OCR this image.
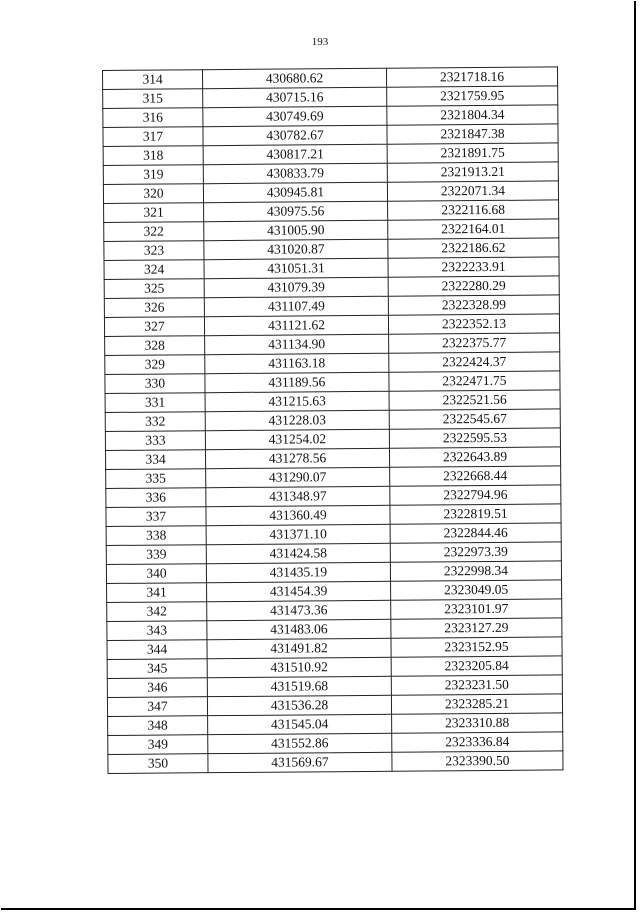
193
314	430680.62	2321718.16
315	430715.16	2321759.95
316	430749.69	2321804.34
317	430782.67	2321847.38
318	430817.21	2321891.75
319	430833.79	2321913.21
320	430945.81	2322071.34
321	430975.56	2322116.68
322	431005.90	2322164.01
323	431020.87	2322186.62
324	431051.31	2322233.91
325	431079.39	2322280.29
326	431107.49	2322328.99
327	431121.62	2322352.13
328	431134.90	2322375.77
329	431163.18	2322424.37
330	431189.56	2322471.75
331	431215.63	2322521.56
332	431228.03	2322545.67
333	431254.02	2322595.53
334	431278.56	2322643.89
335	431290.07	2322668.44
336	431348.97	2322794.96
337	431360.49	2322819.51
338	431371.10	2322844.46
339	431424.58	2322973.39
340	431435.19	2322998.34
341	431454.39	2323049.05
342	431473.36	2323101.97
343	431483.06	2323127.29
344	431491.82	2323152.95
345	431510.92	2323205.84
346	431519.68	2323231.50
347	431536.28	2323285.21
348	431545.04	2323310.88
349	431552.86	2323336.84
350	431569.67	2323390.50
